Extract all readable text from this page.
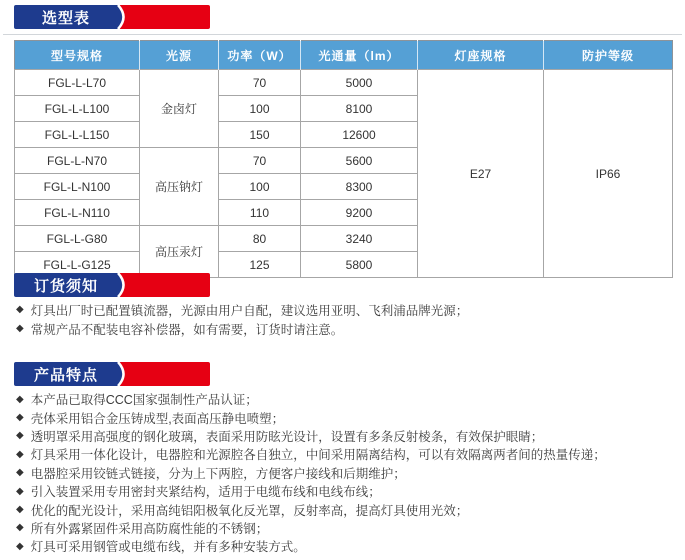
选型表
型号规格	光源	功率（W）	光通量（lm）	灯座规格	防护等级
FGL-L-L70	金卤灯	70	5000	E27	IP66
FGL-L-L100		100	8100		
FGL-L-L150		150	12600		
FGL-L-N70	高压钠灯	70	5600		
FGL-L-N100		100	8300		
FGL-L-N110		110	9200		
FGL-L-G80	高压汞灯	80	3240		
FGL-L-G125		125	5800		
订货须知
◆ 灯具出厂时已配置镇流器，光源由用户自配，建议选用亚明、飞利浦品牌光源；
◆ 常规产品不配装电容补偿器，如有需要，订货时请注意。
产品特点
◆ 本产品已取得CCC国家强制性产品认证；
◆ 壳体采用铝合金压铸成型,表面高压静电喷塑；
◆ 透明罩采用高强度的钢化玻璃，表面采用防眩光设计，设置有多条反射棱条，有效保护眼睛；
◆ 灯具采用一体化设计，电器腔和光源腔各自独立，中间采用隔离结构，可以有效隔离两者间的热量传递；
◆ 电器腔采用铰链式链接，分为上下两腔，方便客户接线和后期维护；
◆ 引入装置采用专用密封夹紧结构，适用于电缆布线和电线布线；
◆ 优化的配光设计，采用高纯铝阳极氧化反光罩，反射率高，提高灯具使用光效；
◆ 所有外露紧固件采用高防腐性能的不锈钢；
◆ 灯具可采用钢管或电缆布线，并有多种安装方式。
